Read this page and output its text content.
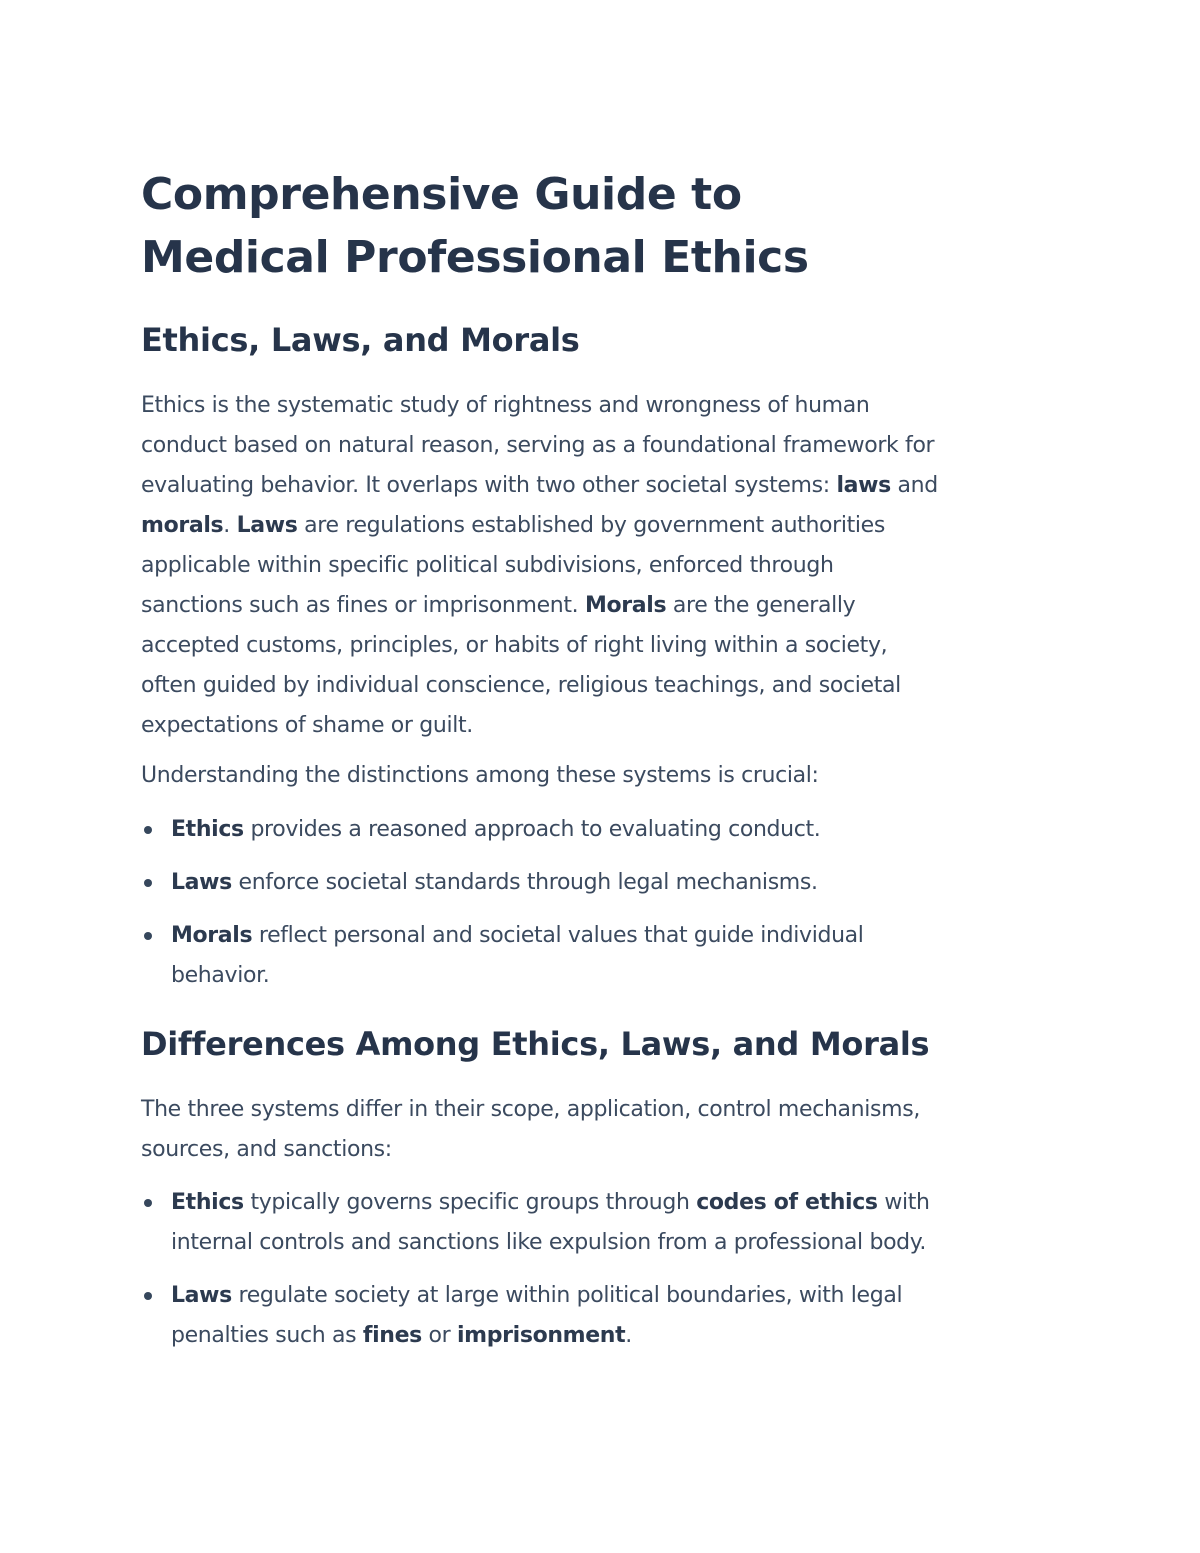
Comprehensive Guide to Medical Professional Ethics
Ethics, Laws, and Morals
Ethics is the systematic study of rightness and wrongness of human
conduct based on natural reason, serving as a foundational framework for
evaluating behavior. It overlaps with two other societal systems: laws and
morals. Laws are regulations established by government authorities
applicable within specific political subdivisions, enforced through
sanctions such as fines or imprisonment. Morals are the generally
accepted customs, principles, or habits of right living within a society,
often guided by individual conscience, religious teachings, and societal
expectations of shame or guilt.
Understanding the distinctions among these systems is crucial:
Ethics provides a reasoned approach to evaluating conduct.
Laws enforce societal standards through legal mechanisms.
Morals reflect personal and societal values that guide individual
behavior.
Differences Among Ethics, Laws, and Morals
The three systems differ in their scope, application, control mechanisms,
sources, and sanctions:
Ethics typically governs specific groups through codes of ethics with
internal controls and sanctions like expulsion from a professional body.
Laws regulate society at large within political boundaries, with legal
penalties such as fines or imprisonment.
